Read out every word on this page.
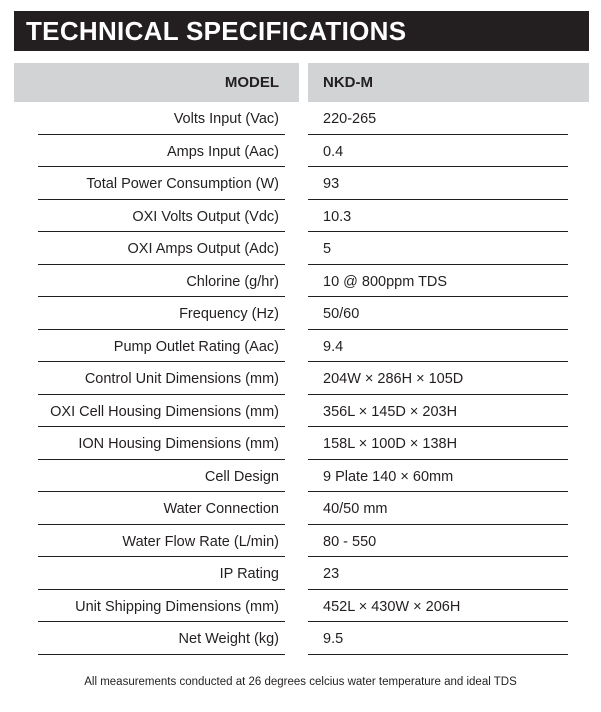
TECHNICAL SPECIFICATIONS
MODEL	NKD-M
Volts Input (Vac)	220-265
Amps Input (Aac)	0.4
Total Power Consumption (W)	93
OXI Volts Output (Vdc)	10.3
OXI Amps Output (Adc)	5
Chlorine (g/hr)	10 @ 800ppm TDS
Frequency (Hz)	50/60
Pump Outlet Rating (Aac)	9.4
Control Unit Dimensions (mm)	204W × 286H × 105D
OXI Cell Housing Dimensions (mm)	356L × 145D × 203H
ION Housing Dimensions (mm)	158L × 100D × 138H
Cell Design	9 Plate 140 × 60mm
Water Connection	40/50 mm
Water Flow Rate (L/min)	80 - 550
IP Rating	23
Unit Shipping Dimensions (mm)	452L × 430W × 206H
Net Weight (kg)	9.5
All measurements conducted at 26 degrees celcius water temperature and ideal TDS
